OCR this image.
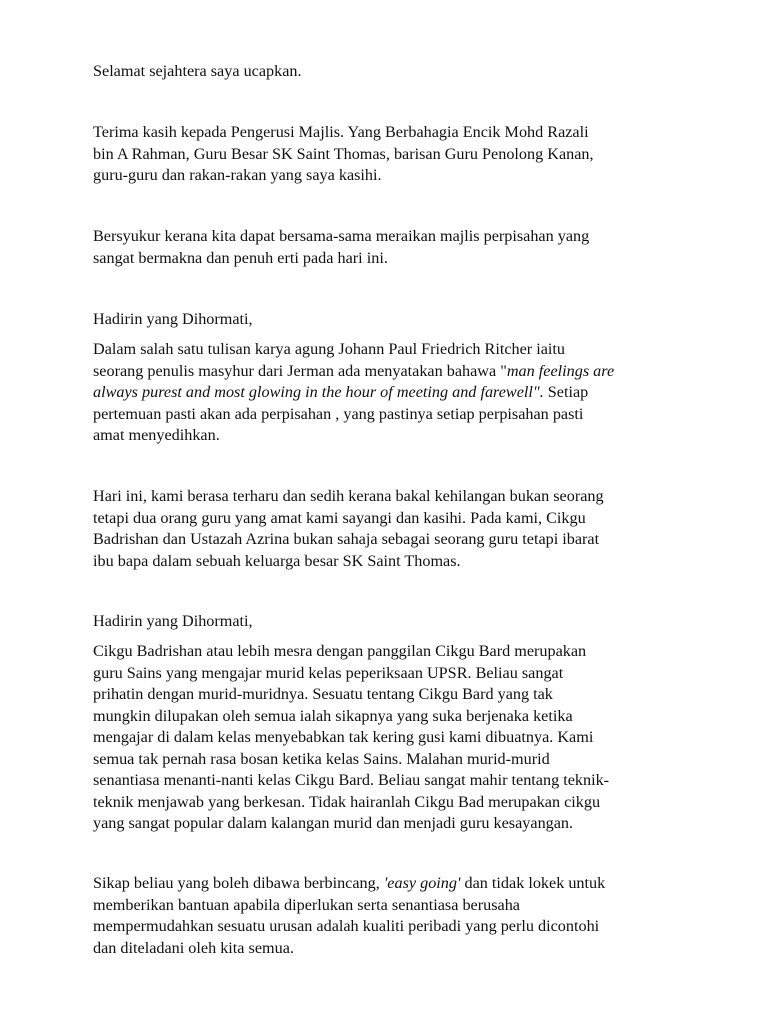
Selamat sejahtera saya ucapkan.

Terima kasih kepada Pengerusi Majlis. Yang Berbahagia Encik Mohd Razali
bin A Rahman, Guru Besar SK Saint Thomas, barisan Guru Penolong Kanan,
guru-guru dan rakan-rakan yang saya kasihi.

Bersyukur kerana kita dapat bersama-sama meraikan majlis perpisahan yang
sangat bermakna dan penuh erti pada hari ini.

Hadirin yang Dihormati,

Dalam salah satu tulisan karya agung Johann Paul Friedrich Ritcher iaitu
seorang penulis masyhur dari Jerman ada menyatakan bahawa "man feelings are
always purest and most glowing in the hour of meeting and farewell". Setiap
pertemuan pasti akan ada perpisahan , yang pastinya setiap perpisahan pasti
amat menyedihkan.

Hari ini, kami berasa terharu dan sedih kerana bakal kehilangan bukan seorang
tetapi dua orang guru yang amat kami sayangi dan kasihi. Pada kami, Cikgu
Badrishan dan Ustazah Azrina bukan sahaja sebagai seorang guru tetapi ibarat
ibu bapa dalam sebuah keluarga besar SK Saint Thomas.

Hadirin yang Dihormati,

Cikgu Badrishan atau lebih mesra dengan panggilan Cikgu Bard merupakan
guru Sains yang mengajar murid kelas peperiksaan UPSR. Beliau sangat
prihatin dengan murid-muridnya. Sesuatu tentang Cikgu Bard yang tak
mungkin dilupakan oleh semua ialah sikapnya yang suka berjenaka ketika
mengajar di dalam kelas menyebabkan tak kering gusi kami dibuatnya. Kami
semua tak pernah rasa bosan ketika kelas Sains. Malahan murid-murid
senantiasa menanti-nanti kelas Cikgu Bard. Beliau sangat mahir tentang teknik-
teknik menjawab yang berkesan. Tidak hairanlah Cikgu Bad merupakan cikgu
yang sangat popular dalam kalangan murid dan menjadi guru kesayangan.

Sikap beliau yang boleh dibawa berbincang, 'easy going' dan tidak lokek untuk
memberikan bantuan apabila diperlukan serta senantiasa berusaha
mempermudahkan sesuatu urusan adalah kualiti peribadi yang perlu dicontohi
dan diteladani oleh kita semua.
